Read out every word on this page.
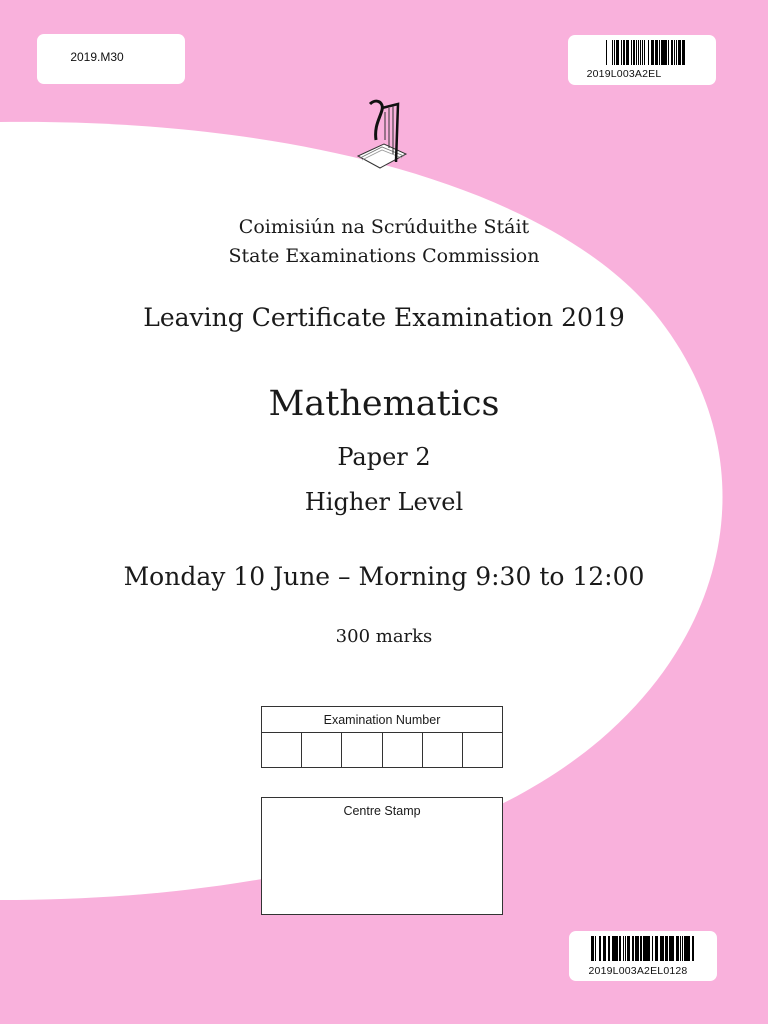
2019.M30
2019L003A2EL
Coimisiún na Scrúduithe Stáit
State Examinations Commission
Leaving Certificate Examination 2019
Mathematics
Paper 2
Higher Level
Monday 10 June – Morning 9:30 to 12:00
300 marks
Examination Number
Centre Stamp
2019L003A2EL0128
